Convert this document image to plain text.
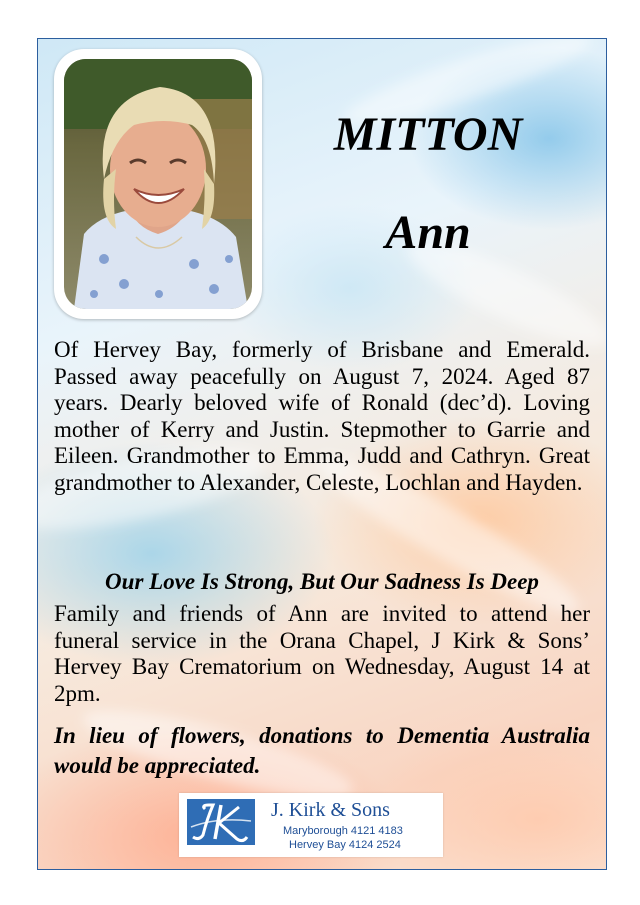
MITTON
Ann

Of Hervey Bay, formerly of Brisbane and Emerald. Passed away peacefully on August 7, 2024. Aged 87 years. Dearly beloved wife of Ronald (dec’d). Loving mother of Kerry and Justin. Stepmother to Garrie and Eileen. Grandmother to Emma, Judd and Cathryn. Great grandmother to Alexander, Celeste, Lochlan and Hayden.

Our Love Is Strong, But Our Sadness Is Deep

Family and friends of Ann are invited to attend her funeral service in the Orana Chapel, J Kirk & Sons’ Hervey Bay Crematorium on Wednesday, August 14 at 2pm.

In lieu of flowers, donations to Dementia Australia would be appreciated.

J. Kirk & Sons

Maryborough 4121 4183

Hervey Bay 4124 2524
